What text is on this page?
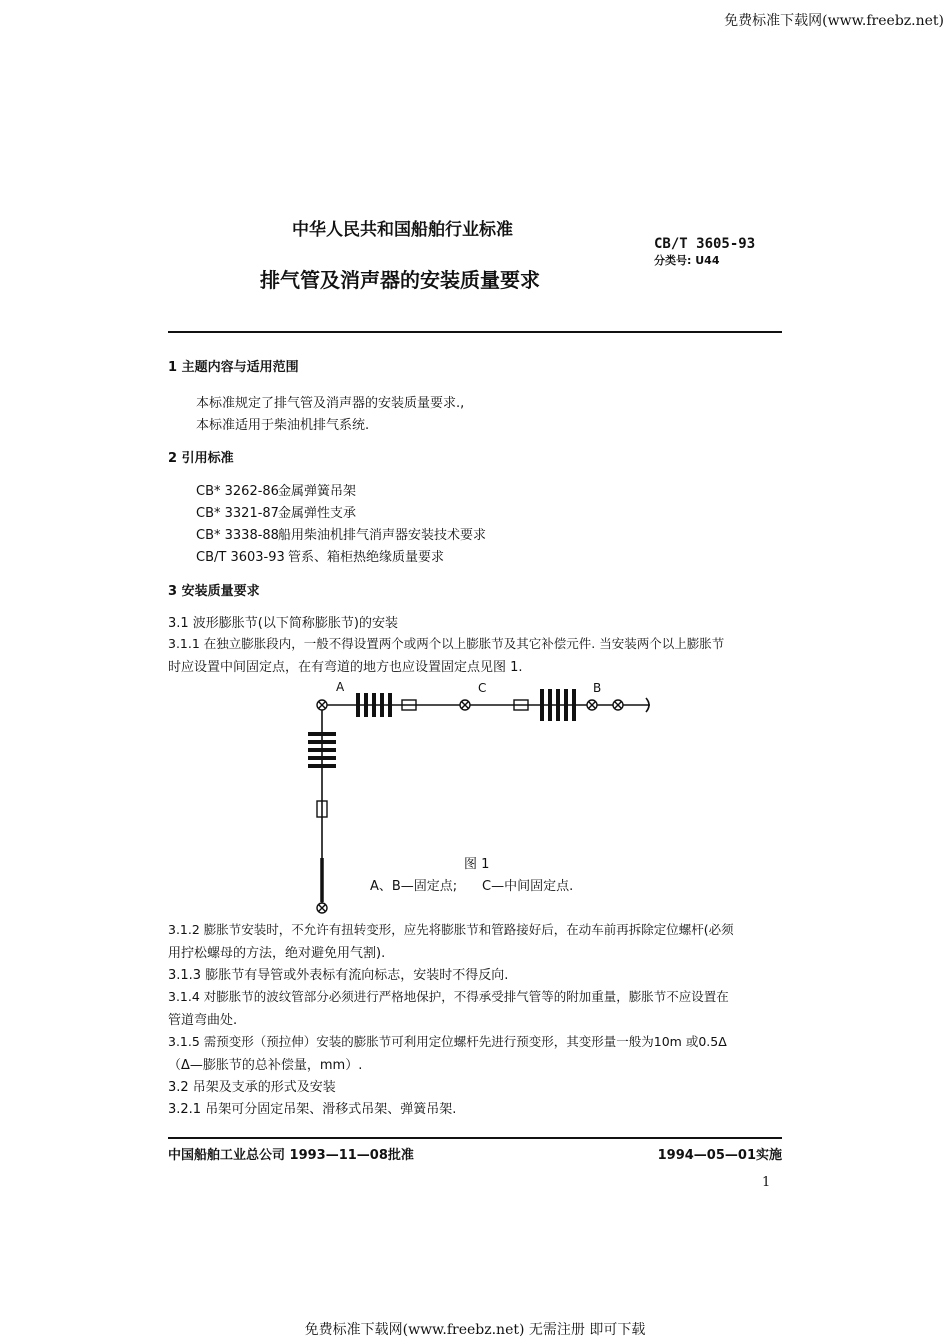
免费标准下载网(www.freebz.net)
中华人民共和国船舶行业标准
CB/T 3605-93
分类号: U44
排气管及消声器的安装质量要求
1 主题内容与适用范围
本标准规定了排气管及消声器的安装质量要求.,
本标准适用于柴油机排气系统.
2 引用标准
CB* 3262-86金属弹簧吊架
CB* 3321-87金属弹性支承
CB* 3338-88船用柴油机排气消声器安装技术要求
CB/T 3603-93 管系、箱柜热绝缘质量要求
3 安装质量要求
3.1 波形膨胀节(以下简称膨胀节)的安装
3.1.1 在独立膨胀段内，一般不得设置两个或两个以上膨胀节及其它补偿元件. 当安装两个以上膨胀节
时应设置中间固定点，在有弯道的地方也应设置固定点见图 1.
A	C	B
图 1
A、B—固定点;      C—中间固定点.
3.1.2 膨胀节安装时，不允许有扭转变形，应先将膨胀节和管路接好后，在动车前再拆除定位螺杆(必须
用拧松螺母的方法，绝对避免用气割).
3.1.3 膨胀节有导管或外表标有流向标志，安装时不得反向.
3.1.4 对膨胀节的波纹管部分必须进行严格地保护，不得承受排气管等的附加重量，膨胀节不应设置在
管道弯曲处.
3.1.5 需预变形（预拉伸）安装的膨胀节可利用定位螺杆先进行预变形，其变形量一般为10m 或0.5Δ
（Δ—膨胀节的总补偿量，mm）.
3.2 吊架及支承的形式及安装
3.2.1 吊架可分固定吊架、滑移式吊架、弹簧吊架.
中国船舶工业总公司 1993—11—08批准	1994—05—01实施
1
免费标准下载网(www.freebz.net) 无需注册 即可下载
